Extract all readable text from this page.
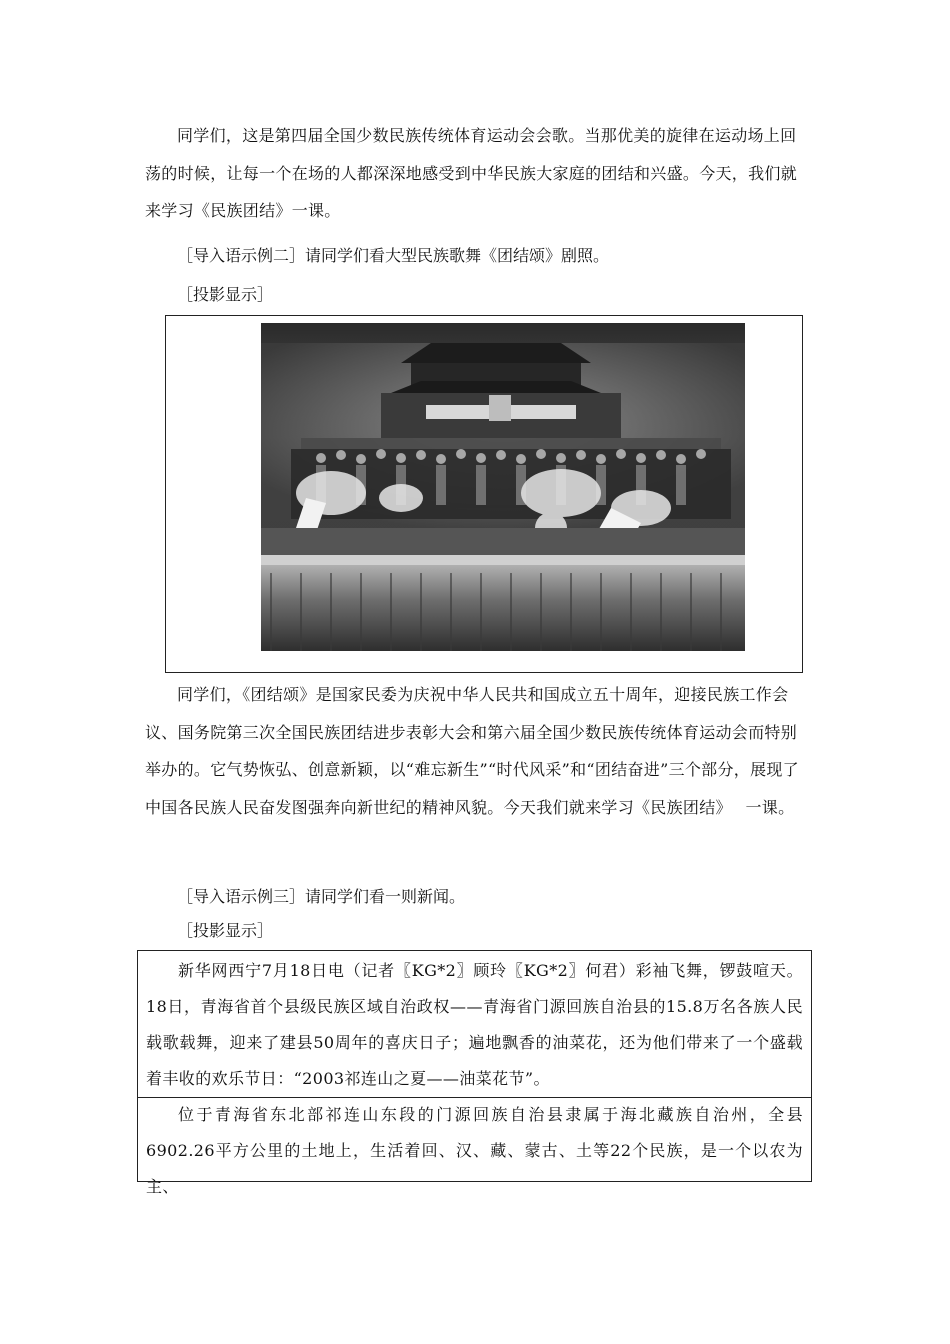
同学们，这是第四届全国少数民族传统体育运动会会歌。当那优美的旋律在运动场上回荡的时候，让每一个在场的人都深深地感受到中华民族大家庭的团结和兴盛。今天，我们就来学习《民族团结》一课。

［导入语示例二］请同学们看大型民族歌舞《团结颂》剧照。

［投影显示］

同学们，《团结颂》是国家民委为庆祝中华人民共和国成立五十周年，迎接民族工作会议、国务院第三次全国民族团结进步表彰大会和第六届全国少数民族传统体育运动会而特别举办的。它气势恢弘、创意新颖，以“难忘新生”“时代风采”和“团结奋进”三个部分，展现了中国各民族人民奋发图强奔向新世纪的精神风貌。今天我们就来学习《民族团结》　 一课。

［导入语示例三］请同学们看一则新闻。

［投影显示］

新华网西宁7月18日电（记者〖KG*2〗顾玲〖KG*2〗何君）彩袖飞舞，锣鼓喧天。18日，青海省首个县级民族区域自治政权——青海省门源回族自治县的15.8万名各族人民载歌载舞，迎来了建县50周年的喜庆日子；遍地飘香的油菜花，还为他们带来了一个盛载着丰收的欢乐节日：“2003祁连山之夏——油菜花节”。

位于青海省东北部祁连山东段的门源回族自治县隶属于海北藏族自治州，全县6902.26平方公里的土地上，生活着回、汉、藏、蒙古、土等22个民族，是一个以农为主、
